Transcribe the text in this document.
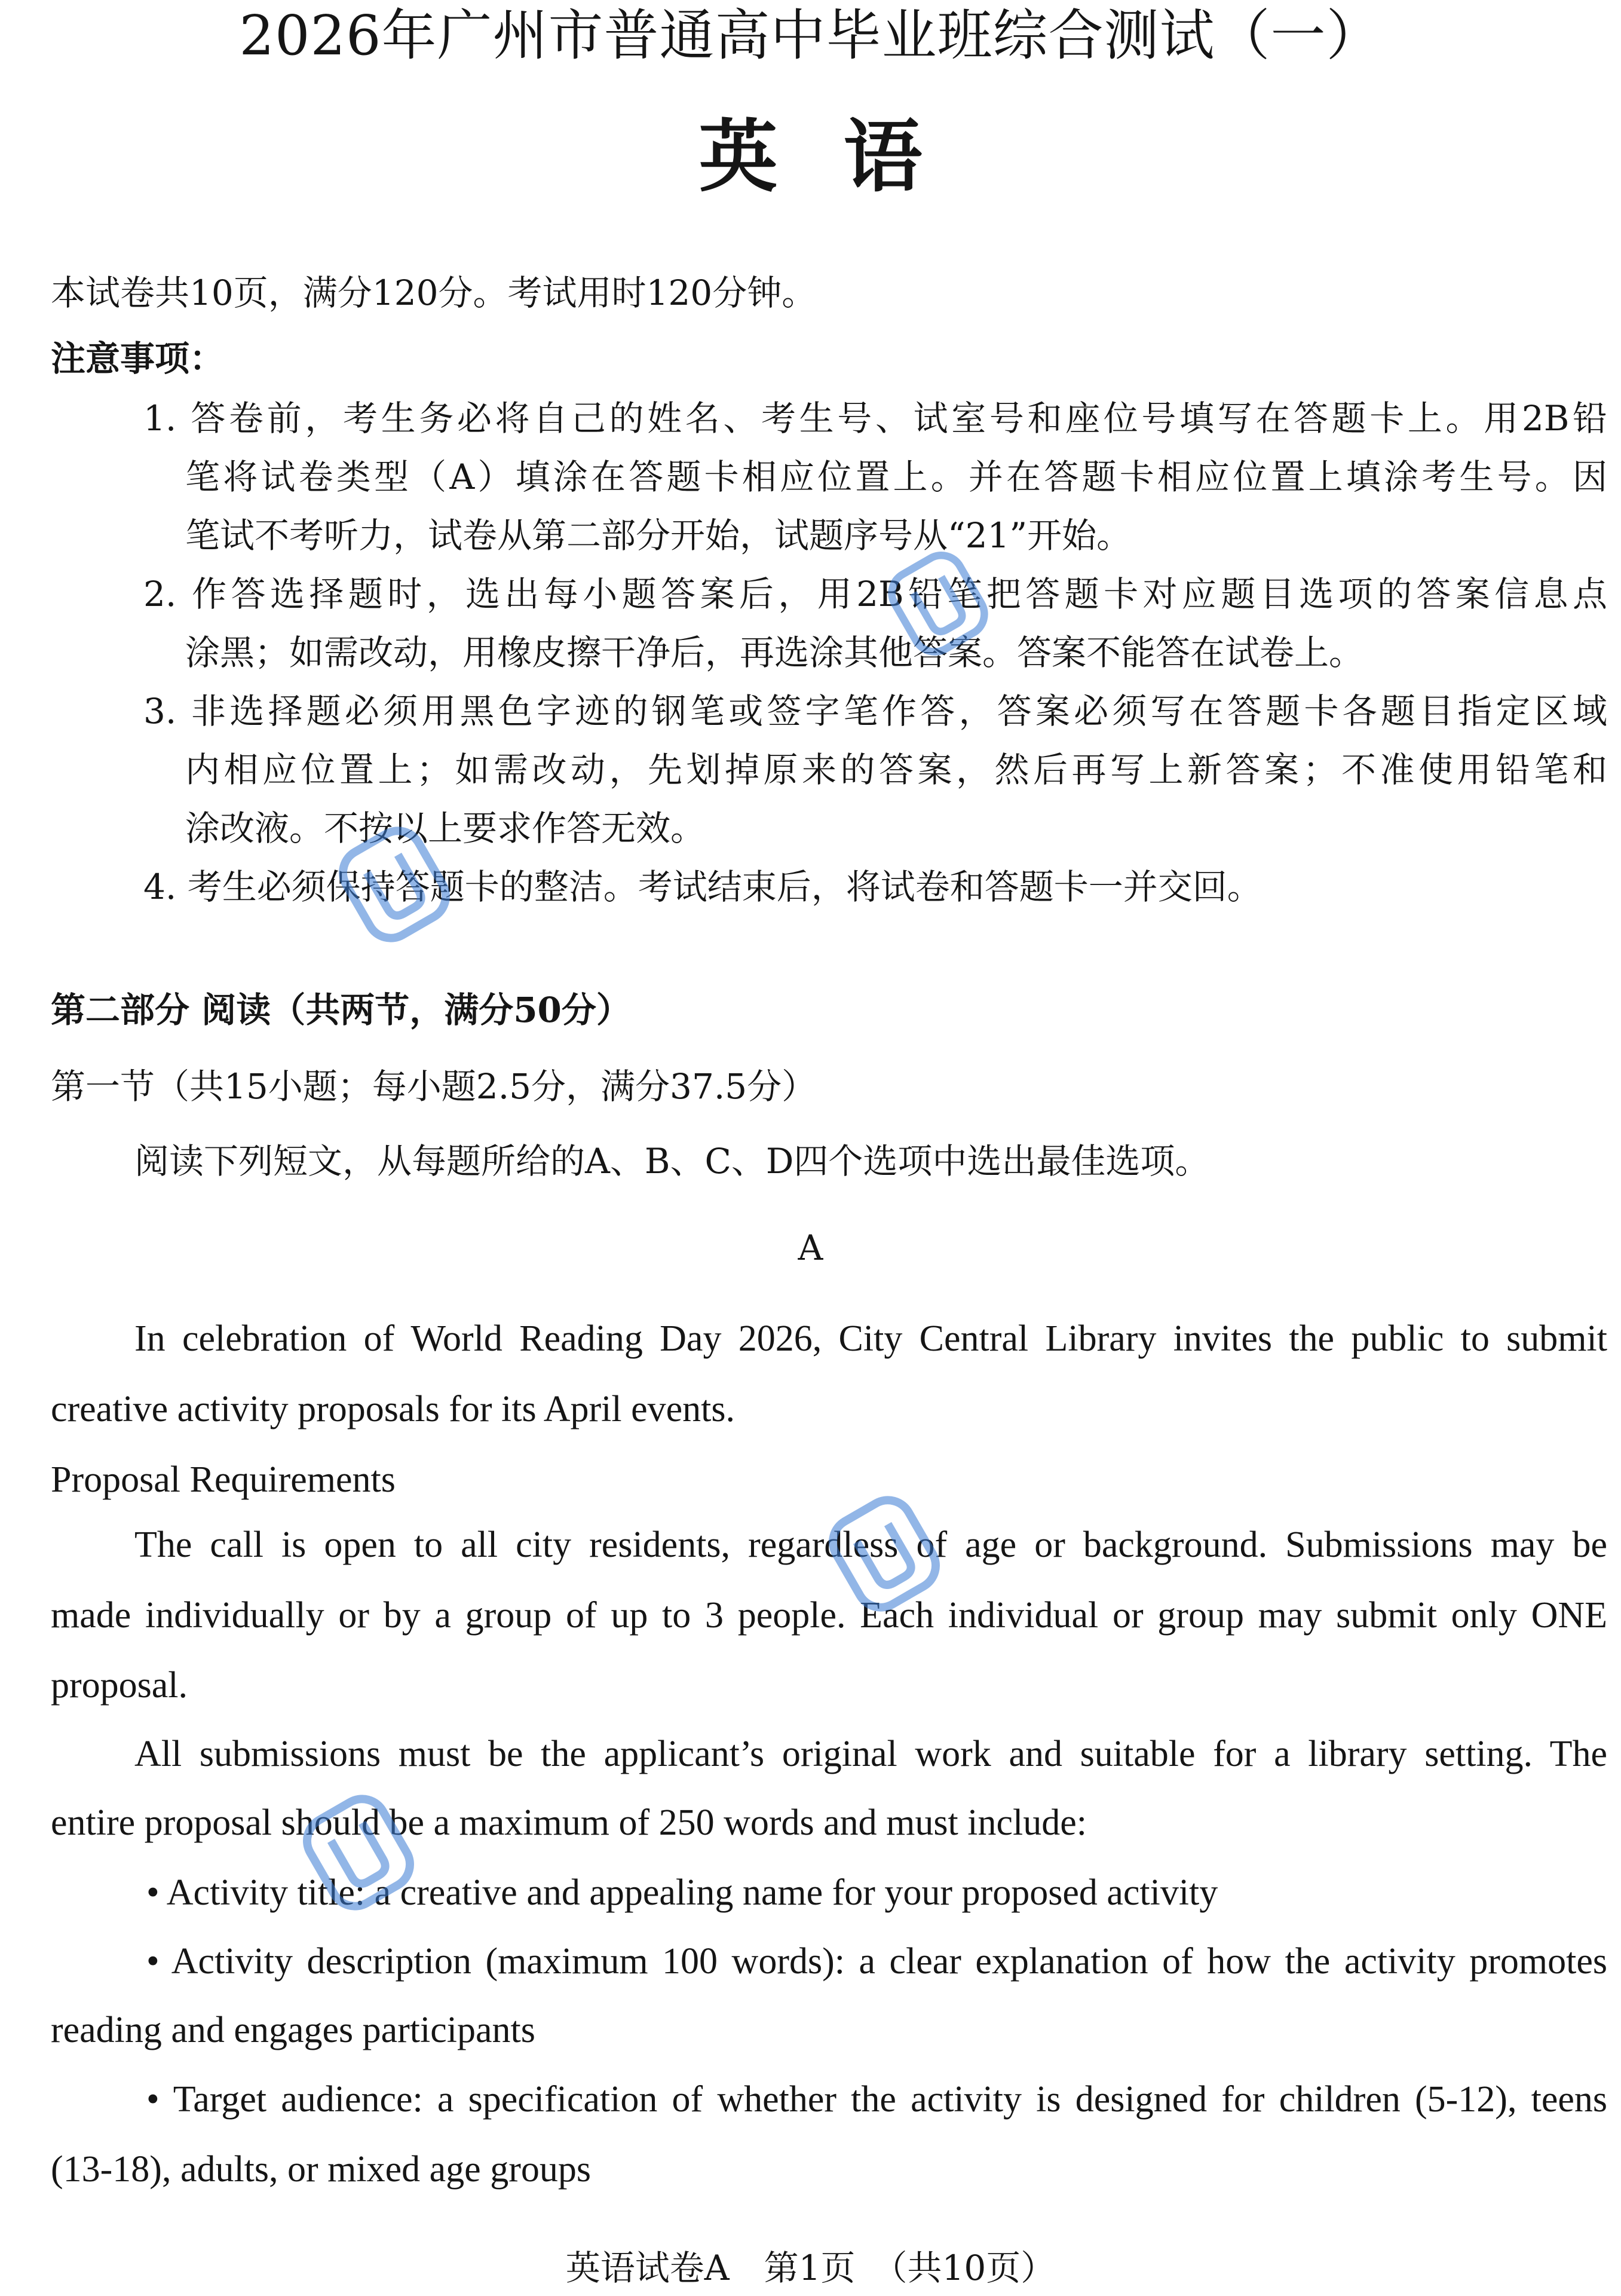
2026年广州市普通高中毕业班综合测试（一）
英语
本试卷共10页，满分120分。考试用时120分钟。
注意事项：
1. 答卷前，考生务必将自己的姓名、考生号、试室号和座位号填写在答题卡上。用2B铅
笔将试卷类型（A）填涂在答题卡相应位置上。并在答题卡相应位置上填涂考生号。因
笔试不考听力，试卷从第二部分开始，试题序号从“21”开始。
2. 作答选择题时，选出每小题答案后，用2B铅笔把答题卡对应题目选项的答案信息点
涂黑；如需改动，用橡皮擦干净后，再选涂其他答案。答案不能答在试卷上。
3. 非选择题必须用黑色字迹的钢笔或签字笔作答，答案必须写在答题卡各题目指定区域
内相应位置上；如需改动，先划掉原来的答案，然后再写上新答案；不准使用铅笔和
涂改液。不按以上要求作答无效。
4. 考生必须保持答题卡的整洁。考试结束后，将试卷和答题卡一并交回。
第二部分 阅读（共两节，满分50分）
第一节（共15小题；每小题2.5分，满分37.5分）
阅读下列短文，从每题所给的A、B、C、D四个选项中选出最佳选项。
A
In celebration of World Reading Day 2026, City Central Library invites the public to submit
creative activity proposals for its April events.
Proposal Requirements
The call is open to all city residents, regardless of age or background. Submissions may be
made individually or by a group of up to 3 people. Each individual or group may submit only ONE
proposal.
All submissions must be the applicant’s original work and suitable for a library setting. The
entire proposal should be a maximum of 250 words and must include:
• Activity title: a creative and appealing name for your proposed activity
• Activity description (maximum 100 words): a clear explanation of how the activity promotes
reading and engages participants
• Target audience: a specification of whether the activity is designed for children (5-12), teens
(13-18), adults, or mixed age groups
英语试卷A　第1页　（共10页）
